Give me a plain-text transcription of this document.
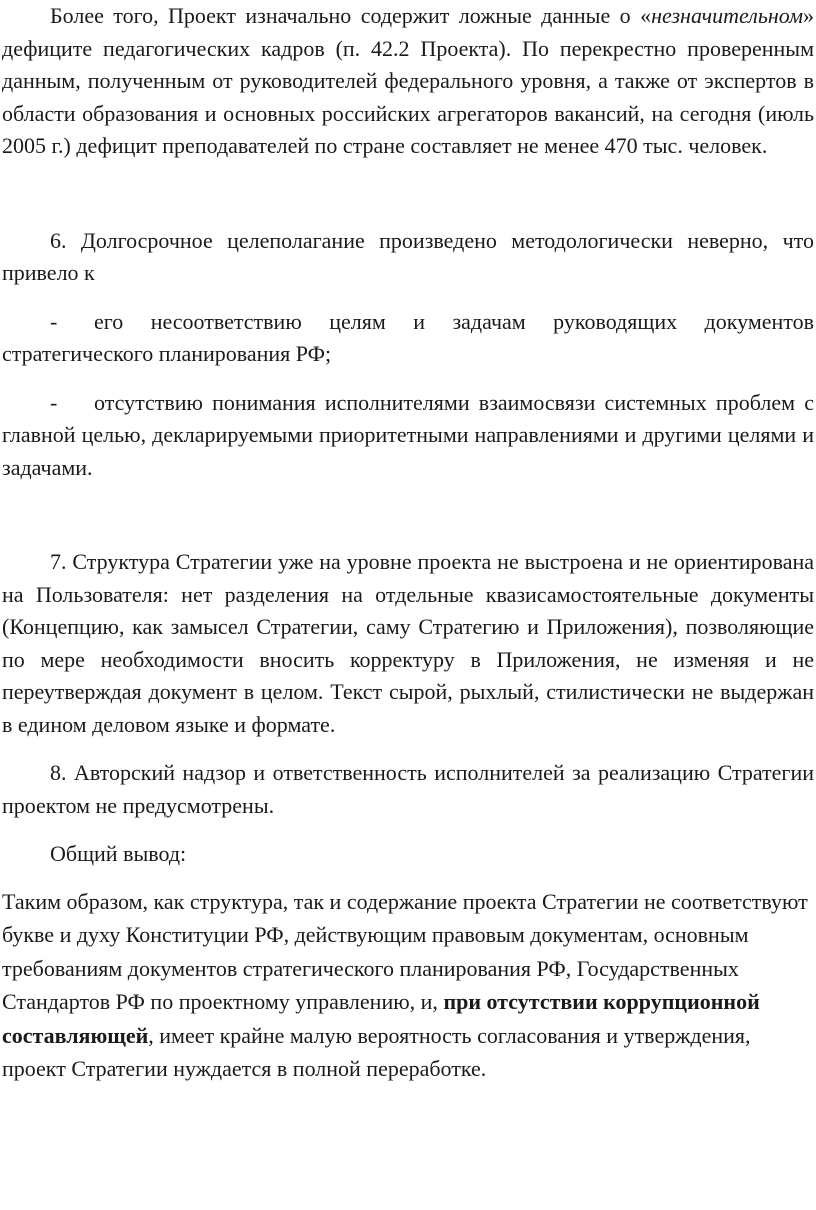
Более того, Проект изначально содержит ложные данные о «незначительном» дефиците педагогических кадров (п. 42.2 Проекта). По перекрестно проверенным данным, полученным от руководителей федерального уровня, а также от экспертов в области образования и основных российских агрегаторов вакансий, на сегодня (июль 2005 г.) дефицит преподавателей по стране составляет не менее 470 тыс. человек.

6. Долгосрочное целеполагание произведено методологически неверно, что привело к

- его несоответствию целям и задачам руководящих документов стратегического планирования РФ;

- отсутствию понимания исполнителями взаимосвязи системных проблем с главной целью, декларируемыми приоритетными направлениями и другими целями и задачами.

7. Структура Стратегии уже на уровне проекта не выстроена и не ориентирована на Пользователя: нет разделения на отдельные квазисамостоятельные документы (Концепцию, как замысел Стратегии, саму Стратегию и Приложения), позволяющие по мере необходимости вносить корректуру в Приложения, не изменяя и не переутверждая документ в целом. Текст сырой, рыхлый, стилистически не выдержан в едином деловом языке и формате.

8. Авторский надзор и ответственность исполнителей за реализацию Стратегии проектом не предусмотрены.

Общий вывод:

Таким образом, как структура, так и содержание проекта Стратегии не соответствуют букве и духу Конституции РФ, действующим правовым документам, основным требованиям документов стратегического планирования РФ, Государственных Стандартов РФ по проектному управлению, и, при отсутствии коррупционной составляющей, имеет крайне малую вероятность согласования и утверждения, проект Стратегии нуждается в полной переработке.
